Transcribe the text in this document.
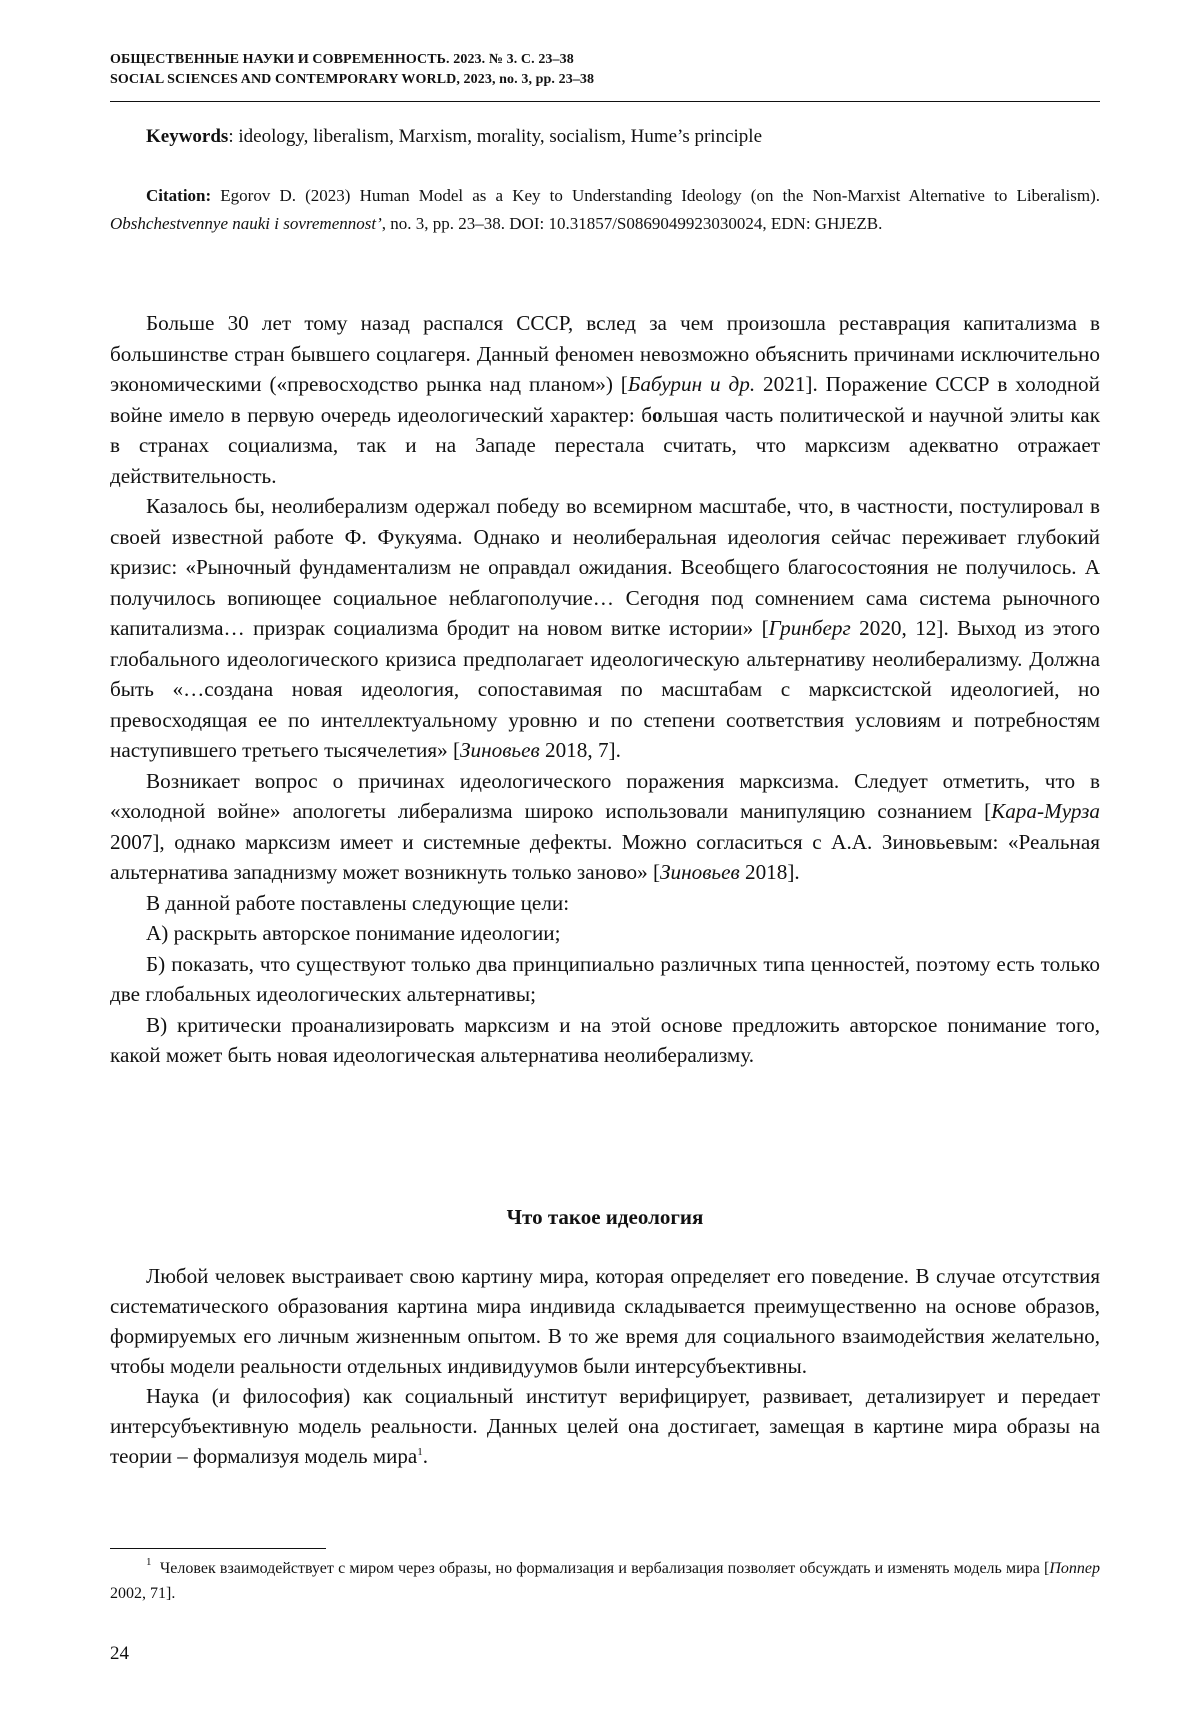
ОБЩЕСТВЕННЫЕ НАУКИ И СОВРЕМЕННОСТЬ. 2023. № 3. С. 23–38
SOCIAL SCIENCES AND CONTEMPORARY WORLD, 2023, no. 3, pp. 23–38
Keywords: ideology, liberalism, Marxism, morality, socialism, Hume’s principle
Citation: Egorov D. (2023) Human Model as a Key to Understanding Ideology (on the Non-Marxist Alternative to Liberalism). Obshchestvennye nauki i sovremennost’, no. 3, pp. 23–38. DOI: 10.31857/S0869049923030024, EDN: GHJEZB.

Больше 30 лет тому назад распался СССР, вслед за чем произошла реставрация капитализма в большинстве стран бывшего соцлагеря. Данный феномен невозможно объяснить причинами исключительно экономическими («превосходство рынка над планом») [Бабурин и др. 2021]. Поражение СССР в холодной войне имело в первую очередь идеологический характер: большая часть политической и научной элиты как в странах социализма, так и на Западе перестала считать, что марксизм адекватно отражает действительность.

Казалось бы, неолиберализм одержал победу во всемирном масштабе, что, в частности, постулировал в своей известной работе Ф. Фукуяма. Однако и неолиберальная идеология сейчас переживает глубокий кризис: «Рыночный фундаментализм не оправдал ожидания. Всеобщего благосостояния не получилось. А получилось вопиющее социальное неблагополучие… Сегодня под сомнением сама система рыночного капитализма… призрак социализма бродит на новом витке истории» [Гринберг 2020, 12]. Выход из этого глобального идеологического кризиса предполагает идеологическую альтернативу неолиберализму. Должна быть «…создана новая идеология, сопоставимая по масштабам с марксистской идеологией, но превосходящая ее по интеллектуальному уровню и по степени соответствия условиям и потребностям наступившего третьего тысячелетия» [Зиновьев 2018, 7].

Возникает вопрос о причинах идеологического поражения марксизма. Следует отметить, что в «холодной войне» апологеты либерализма широко использовали манипуляцию сознанием [Кара-Мурза 2007], однако марксизм имеет и системные дефекты. Можно согласиться с А.А. Зиновьевым: «Реальная альтернатива западнизму может возникнуть только заново» [Зиновьев 2018].

В данной работе поставлены следующие цели:

А) раскрыть авторское понимание идеологии;

Б) показать, что существуют только два принципиально различных типа ценностей, поэтому есть только две глобальных идеологических альтернативы;

В) критически проанализировать марксизм и на этой основе предложить авторское понимание того, какой может быть новая идеологическая альтернатива неолиберализму.

Что такое идеология

Любой человек выстраивает свою картину мира, которая определяет его поведение. В случае отсутствия систематического образования картина мира индивида складывается преимущественно на основе образов, формируемых его личным жизненным опытом. В то же время для социального взаимодействия желательно, чтобы модели реальности отдельных индивидуумов были интерсубъективны.

Наука (и философия) как социальный институт верифицирует, развивает, детализирует и передает интерсубъективную модель реальности. Данных целей она достигает, замещая в картине мира образы на теории – формализуя модель мира$^1$.

$^1$ Человек взаимодействует с миром через образы, но формализация и вербализация позволяет обсуждать и изменять модель мира [Поппер 2002, 71].
24
